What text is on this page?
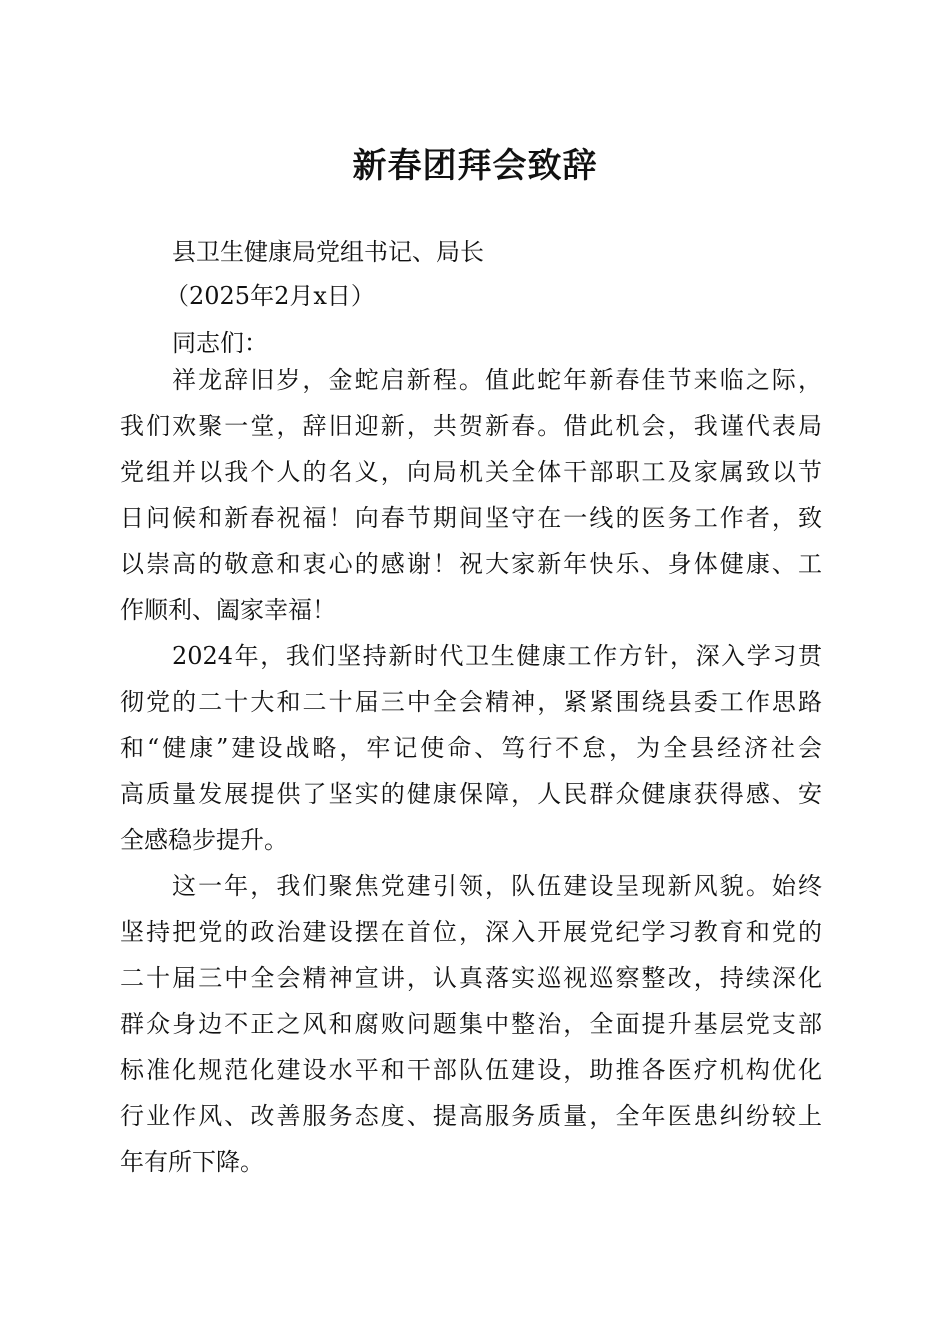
新春团拜会致辞
县卫生健康局党组书记、局长
（2025年2月x日）
同志们：
祥龙辞旧岁，金蛇启新程。值此蛇年新春佳节来临之际，
我们欢聚一堂，辞旧迎新，共贺新春。借此机会，我谨代表局
党组并以我个人的名义，向局机关全体干部职工及家属致以节
日问候和新春祝福！向春节期间坚守在一线的医务工作者，致
以崇高的敬意和衷心的感谢！祝大家新年快乐、身体健康、工
作顺利、阖家幸福！
2024年，我们坚持新时代卫生健康工作方针，深入学习贯
彻党的二十大和二十届三中全会精神，紧紧围绕县委工作思路
和“健康”建设战略，牢记使命、笃行不怠，为全县经济社会
高质量发展提供了坚实的健康保障，人民群众健康获得感、安
全感稳步提升。
这一年，我们聚焦党建引领，队伍建设呈现新风貌。始终
坚持把党的政治建设摆在首位，深入开展党纪学习教育和党的
二十届三中全会精神宣讲，认真落实巡视巡察整改，持续深化
群众身边不正之风和腐败问题集中整治，全面提升基层党支部
标准化规范化建设水平和干部队伍建设，助推各医疗机构优化
行业作风、改善服务态度、提高服务质量，全年医患纠纷较上
年有所下降。
